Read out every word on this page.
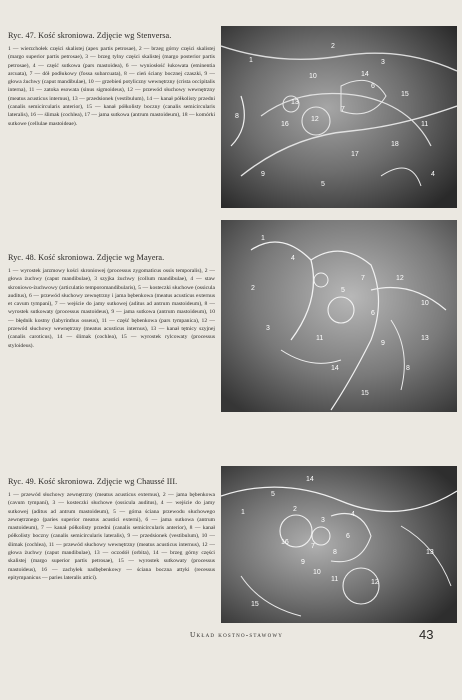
Ryc. 47. Kość skroniowa. Zdjęcie wg Stenversa.
1 — wierzchołek części skalistej (apex partis petrosae), 2 — brzeg górny części skalistej (margo superior partis petrosae), 3 — brzeg tylny części skalistej (margo posterior partis petrosae), 4 — część sutkowa (pars mastoidea), 6 — wyniosłość łukowata (eminentia arcuata), 7 — dół podłukowy (fossa subarcuata), 8 — cień ściany bocznej czaszki, 9 — głowa żuchwy (caput mandibulae), 10 — grzebień potyliczny wewnętrzny (crista occipitalis interna), 11 — zatoka esowata (sinus sigmoideus), 12 — przewód słuchowy wewnętrzny (meatus acusticus internus), 13 — przedsionek (vestibulum), 14 — kanał półkolisty przedni (canalis semicircularis anterior), 15 — kanał półkolisty boczny (canalis semicircularis lateralis), 16 — ślimak (cochlea), 17 — jama sutkowa (antrum mastoideum), 18 — komórki sutkowe (cellulae mastoideae).
1
2
3
4
5
6
7
8
9
10
11
12
13
14
15
16
17
18
Ryc. 48. Kość skroniowa. Zdjęcie wg Mayera.
1 — wyrostek jarzmowy kości skroniowej (processus zygomaticus ossis temporalis), 2 — głowa żuchwy (caput mandibulae), 3 szyjka żuchwy (collum mandibulae), 4 — staw skroniowo-żuchwowy (articulatio temporomandibularis), 5 — kosteczki słuchowe (ossicula auditus), 6 — przewód słuchowy zewnętrzny i jama bębenkowa (meatus acusticus externus et cavum tympani), 7 — wejście do jamy sutkowej (aditus ad antrum mastoideum), 8 — wyrostek sutkowaty (processus mastoideus), 9 — jama sutkowa (antrum mastoideum), 10 — błędnik kostny (labyrinthus osseus), 11 — część bębenkowa (pars tympanica), 12 — przewód słuchowy wewnętrzny (meatus acusticus internus), 13 — kanał tętnicy szyjnej (canalis caroticus), 14 — ślimak (cochlea), 15 — wyrostek rylcowaty (processus styloideus).
1
2
3
4
5
6
7
8
9
10
11
12
13
14
15
Ryc. 49. Kość skroniowa. Zdjęcie wg Chaussé III.
1 — przewód słuchowy zewnętrzny (meatus acusticus externus), 2 — jama bębenkowa (cavum tympani), 3 — kosteczki słuchowe (ossicula auditus), 4 — wejście do jamy sutkowej (aditus ad antrum mastoideum), 5 — górna ściana przewodu słuchowego zewnętrznego (paries superior meatus acustici externi), 6 — jama sutkowa (antrum mastoideum), 7 — kanał półkolisty przedni (canalis semicircularis anterior), 8 — kanał półkolisty boczny (canalis semicircularis lateralis), 9 — przedsionek (vestibulum), 10 — ślimak (cochlea), 11 — przewód słuchowy wewnętrzny (meatus acusticus internus), 12 — głowa żuchwy (caput mandibulae), 13 — oczodół (orbita), 14 — brzeg górny części skalistej (margo superior partis petrosae), 15 — wyrostek sutkowaty (processus mastoideus), 16 — zachyłek nadbębenkowy — ściana boczna attyki (recessus epitympanicus — paries lateralis attici).
1	2
3
4
5
6
7
8
9
10
11	12
13
14
15
16
Układ kostno-stawowy	43
